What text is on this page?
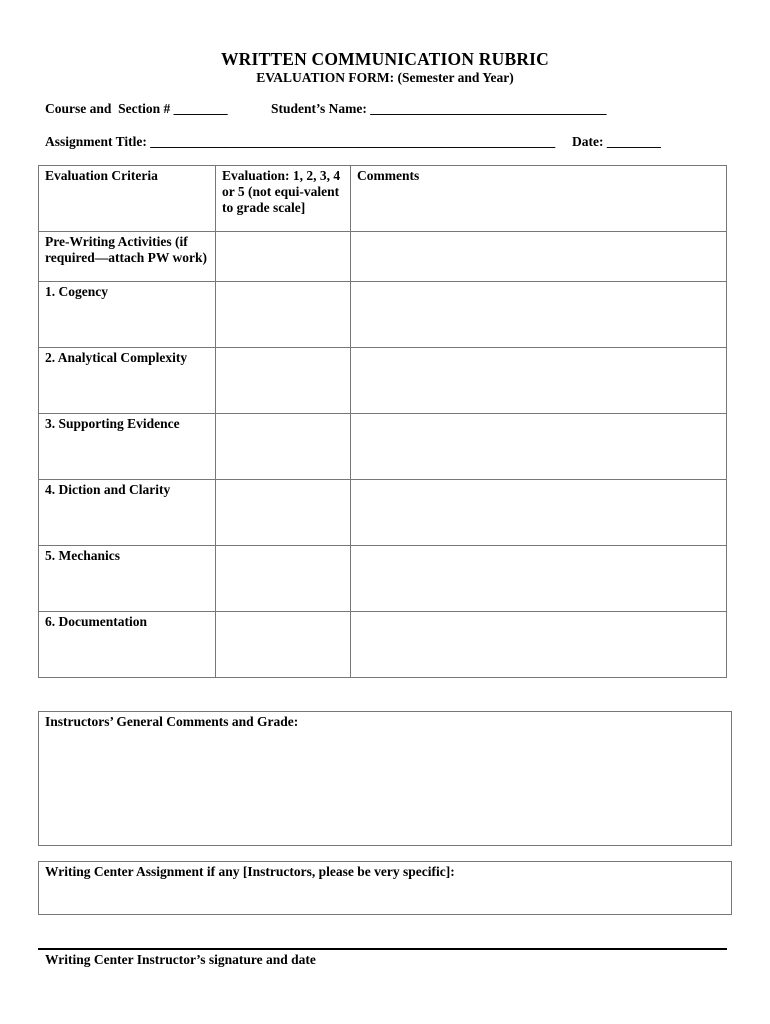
WRITTEN COMMUNICATION RUBRIC
EVALUATION FORM: (Semester and Year)
Course and  Section # ________	Student’s Name: ___________________________________
Assignment Title: ____________________________________________________________ Date: ________
Evaluation Criteria	Evaluation: 1, 2, 3, 4 or 5 (not equi-valent to grade scale]	Comments
Pre-Writing Activities (if required—attach PW work)		
1. Cogency		
2. Analytical Complexity		
3. Supporting Evidence		
4. Diction and Clarity		
5. Mechanics		
6. Documentation		
Instructors’ General Comments and Grade:
Writing Center Assignment if any [Instructors, please be very specific]:
Writing Center Instructor’s signature and date
